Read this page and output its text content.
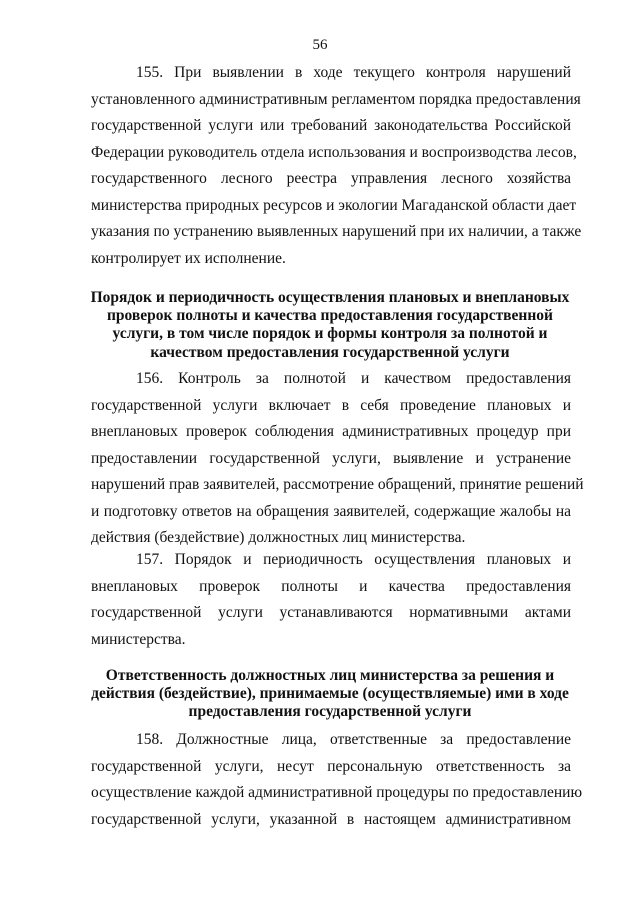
56
155. При выявлении в ходе текущего контроля нарушений
установленного административным регламентом порядка предоставления
государственной услуги или требований законодательства Российской
Федерации руководитель отдела использования и воспроизводства лесов,
государственного лесного реестра управления лесного хозяйства
министерства природных ресурсов и экологии Магаданской области дает
указания по устранению выявленных нарушений при их наличии, а также
контролирует их исполнение.
Порядок и периодичность осуществления плановых и внеплановых
проверок полноты и качества предоставления государственной
услуги, в том числе порядок и формы контроля за полнотой и
качеством предоставления государственной услуги
156. Контроль за полнотой и качеством предоставления
государственной услуги включает в себя проведение плановых и
внеплановых проверок соблюдения административных процедур при
предоставлении государственной услуги, выявление и устранение
нарушений прав заявителей, рассмотрение обращений, принятие решений
и подготовку ответов на обращения заявителей, содержащие жалобы на
действия (бездействие) должностных лиц министерства.
157. Порядок и периодичность осуществления плановых и
внеплановых проверок полноты и качества предоставления
государственной услуги устанавливаются нормативными актами
министерства.
Ответственность должностных лиц министерства за решения и
действия (бездействие), принимаемые (осуществляемые) ими в ходе
предоставления государственной услуги
158. Должностные лица, ответственные за предоставление
государственной услуги, несут персональную ответственность за
осуществление каждой административной процедуры по предоставлению
государственной услуги, указанной в настоящем административном
